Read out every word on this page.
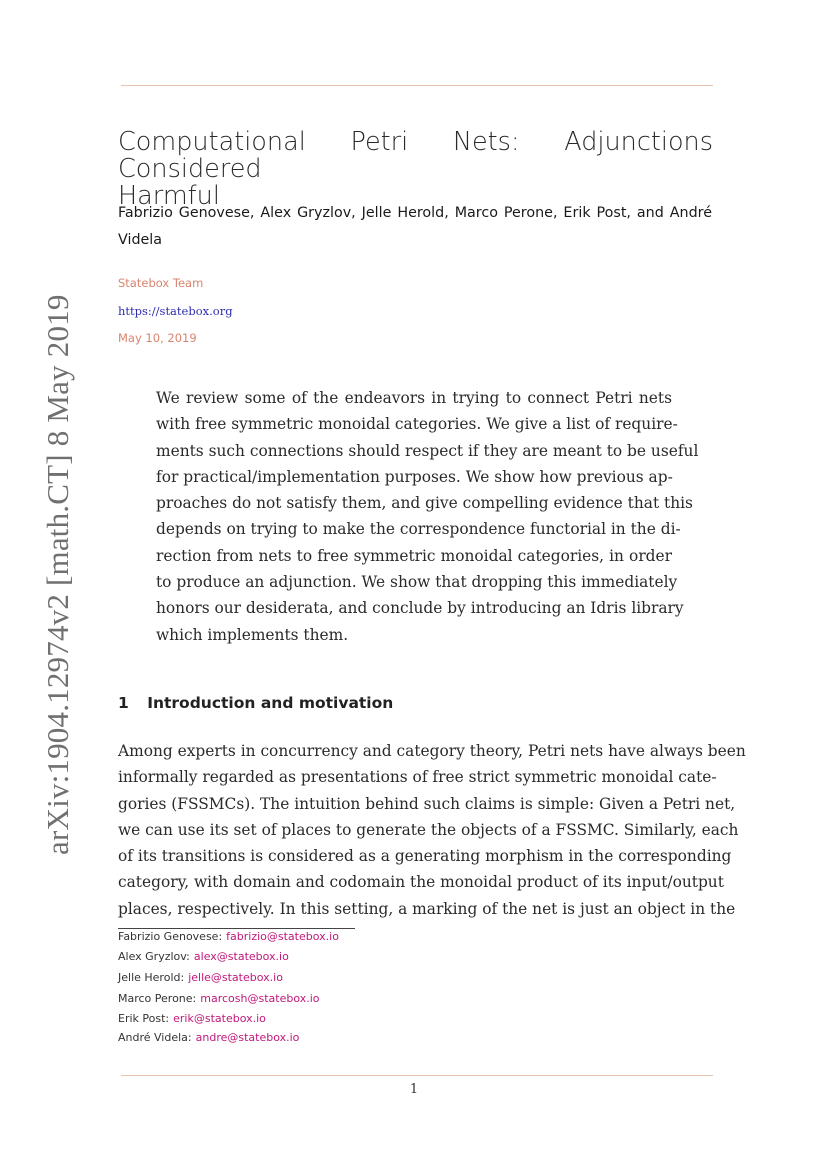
arXiv:1904.12974v2 [math.CT] 8 May 2019
Computational Petri Nets: Adjunctions Considered
Harmful
Fabrizio Genovese, Alex Gryzlov, Jelle Herold, Marco Perone, Erik Post, and André
Videla
Statebox Team
https://statebox.org
May 10, 2019
We review some of the endeavors in trying to connect Petri nets
with free symmetric monoidal categories. We give a list of require-
ments such connections should respect if they are meant to be useful
for practical/implementation purposes. We show how previous ap-
proaches do not satisfy them, and give compelling evidence that this
depends on trying to make the correspondence functorial in the di-
rection from nets to free symmetric monoidal categories, in order
to produce an adjunction. We show that dropping this immediately
honors our desiderata, and conclude by introducing an Idris library
which implements them.
1 Introduction and motivation
Among experts in concurrency and category theory, Petri nets have always been
informally regarded as presentations of free strict symmetric monoidal cate-
gories (FSSMCs). The intuition behind such claims is simple: Given a Petri net,
we can use its set of places to generate the objects of a FSSMC. Similarly, each
of its transitions is considered as a generating morphism in the corresponding
category, with domain and codomain the monoidal product of its input/output
places, respectively. In this setting, a marking of the net is just an object in the
Fabrizio Genovese: fabrizio@statebox.io
Alex Gryzlov: alex@statebox.io
Jelle Herold: jelle@statebox.io
Marco Perone: marcosh@statebox.io
Erik Post: erik@statebox.io
André Videla: andre@statebox.io
1
